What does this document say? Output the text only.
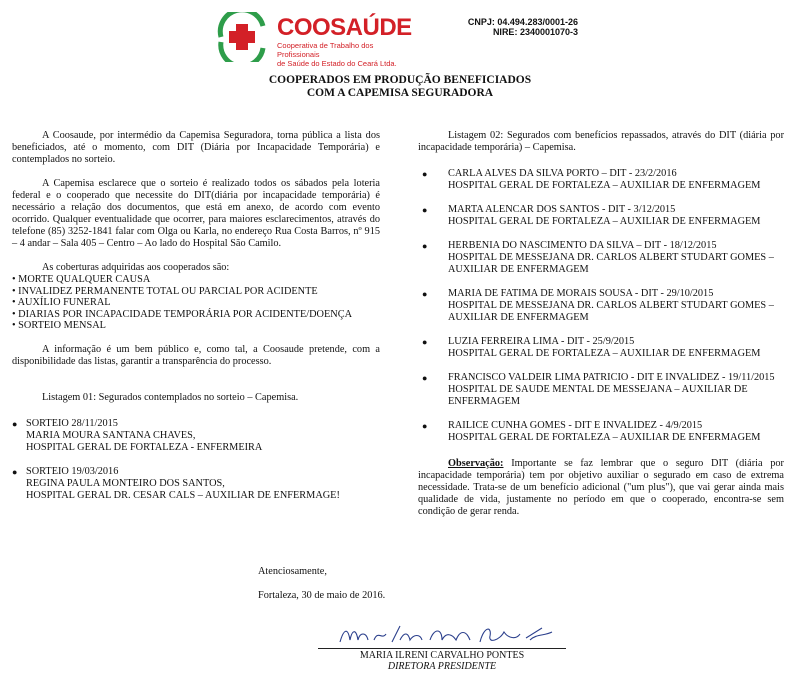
COOSAÚDE
Cooperativa de Trabalho dos Profissionais
de Saúde do Estado do Ceará Ltda.
CNPJ: 04.494.283/0001-26
NIRE: 2340001070-3
COOPERADOS EM PRODUÇÃO BENEFICIADOS
COM A CAPEMISA SEGURADORA
A Coosaude, por intermédio da Capemisa Seguradora, torna pública a lista dos beneficiados, até o momento, com DIT (Diária por Incapacidade Temporária) e contemplados no sorteio.
A Capemisa esclarece que o sorteio é realizado todos os sábados pela loteria federal e o cooperado que necessite do DIT(diária por incapacidade temporária) é necessário a relação dos documentos, que está em anexo, de acordo com evento ocorrido. Qualquer eventualidade que ocorrer, para maiores esclarecimentos, através do telefone (85) 3252-1841 falar com Olga ou Karla, no endereço Rua Costa Barros, nº 915 – 4 andar – Sala 405 – Centro – Ao lado do Hospital São Camilo.
As coberturas adquiridas aos cooperados são:
• MORTE QUALQUER CAUSA
• INVALIDEZ PERMANENTE TOTAL OU PARCIAL POR ACIDENTE
• AUXÍLIO FUNERAL
• DIARIAS POR INCAPACIDADE TEMPORÁRIA POR ACIDENTE/DOENÇA
• SORTEIO MENSAL
A informação é um bem público e, como tal, a Coosaude pretende, com a disponibilidade das listas, garantir a transparência do processo.
Listagem 01: Segurados contemplados no sorteio – Capemisa.
● SORTEIO 28/11/2015
MARIA MOURA SANTANA CHAVES,
HOSPITAL GERAL DE FORTALEZA - ENFERMEIRA
● SORTEIO 19/03/2016
REGINA PAULA MONTEIRO DOS SANTOS,
HOSPITAL GERAL DR. CESAR CALS – AUXILIAR DE ENFERMAGE!
Listagem 02: Segurados com benefícios repassados, através do DIT (diária por incapacidade temporária) – Capemisa.
● CARLA ALVES DA SILVA PORTO – DIT - 23/2/2016
HOSPITAL GERAL DE FORTALEZA – AUXILIAR DE ENFERMAGEM
● MARTA ALENCAR DOS SANTOS - DIT - 3/12/2015
HOSPITAL GERAL DE FORTALEZA – AUXILIAR DE ENFERMAGEM
● HERBENIA DO NASCIMENTO DA SILVA – DIT - 18/12/2015
HOSPITAL DE MESSEJANA DR. CARLOS ALBERT STUDART GOMES –
AUXILIAR DE ENFERMAGEM
● MARIA DE FATIMA DE MORAIS SOUSA - DIT - 29/10/2015
HOSPITAL DE MESSEJANA DR. CARLOS ALBERT STUDART GOMES –
AUXILIAR DE ENFERMAGEM
● LUZIA FERREIRA LIMA - DIT - 25/9/2015
HOSPITAL GERAL DE FORTALEZA – AUXILIAR DE ENFERMAGEM
● FRANCISCO VALDEIR LIMA PATRICIO - DIT E INVALIDEZ - 19/11/2015
HOSPITAL DE SAUDE MENTAL DE MESSEJANA – AUXILIAR DE
ENFERMAGEM
● RAILICE CUNHA GOMES - DIT E INVALIDEZ - 4/9/2015
HOSPITAL GERAL DE FORTALEZA – AUXILIAR DE ENFERMAGEM
Observação: Importante se faz lembrar que o seguro DIT (diária por incapacidade temporária) tem por objetivo auxiliar o segurado em caso de extrema necessidade. Trata-se de um benefício adicional ("um plus"), que vai gerar ainda mais qualidade de vida, justamente no período em que o cooperado, encontra-se sem condição de gerar renda.
Atenciosamente,
Fortaleza, 30 de maio de 2016.
MARIA ILRENI CARVALHO PONTES
DIRETORA PRESIDENTE
